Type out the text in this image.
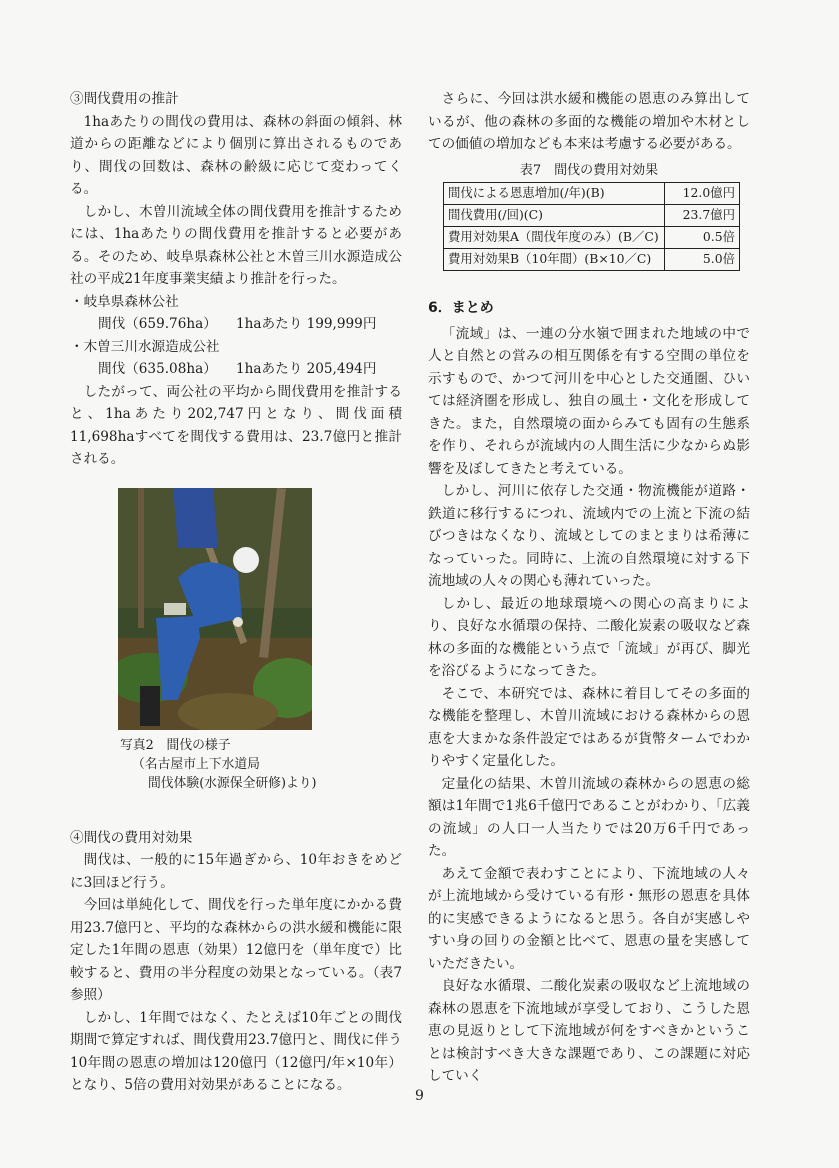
③間伐費用の推計

1haあたりの間伐の費用は、森林の斜面の傾斜、林道からの距離などにより個別に算出されるものであり、間伐の回数は、森林の齢級に応じて変わってくる。

しかし、木曽川流域全体の間伐費用を推計するためには、1haあたりの間伐費用を推計すると必要がある。そのため、岐阜県森林公社と木曽三川水源造成公社の平成21年度事業実績より推計を行った。

・岐阜県森林公社
間伐（659.76ha） 1haあたり 199,999円
・木曽三川水源造成公社
間伐（635.08ha） 1haあたり 205,494円

したがって、両公社の平均から間伐費用を推計すると、1haあたり202,747円となり、間伐面積11,698haすべてを間伐する費用は、23.7億円と推計される。

写真2　間伐の様子
（名古屋市上下水道局
間伐体験(水源保全研修)より)

④間伐の費用対効果

間伐は、一般的に15年過ぎから、10年おきをめどに3回ほど行う。

今回は単純化して、間伐を行った単年度にかかる費用23.7億円と、平均的な森林からの洪水緩和機能に限定した1年間の恩恵（効果）12億円を（単年度で）比較すると、費用の半分程度の効果となっている。（表7参照）

しかし、1年間ではなく、たとえば10年ごとの間伐期間で算定すれば、間伐費用23.7億円と、間伐に伴う10年間の恩恵の増加は120億円（12億円/年×10年）となり、5倍の費用対効果があることになる。

さらに、今回は洪水緩和機能の恩恵のみ算出しているが、他の森林の多面的な機能の増加や木材としての価値の増加なども本来は考慮する必要がある。

表7　間伐の費用対効果
間伐による恩恵増加(/年)(B)	12.0億円
間伐費用(/回)(C)	23.7億円
費用対効果A（間伐年度のみ）(B／C)	0.5倍
費用対効果B（10年間）(B×10／C)	5.0倍
6．まとめ

「流域」は、一連の分水嶺で囲まれた地域の中で人と自然との営みの相互関係を有する空間の単位を示すもので、かつて河川を中心とした交通圏、ひいては経済圏を形成し、独自の風土・文化を形成してきた。また，自然環境の面からみても固有の生態系を作り、それらが流域内の人間生活に少なからぬ影響を及ぼしてきたと考えている。

しかし、河川に依存した交通・物流機能が道路・鉄道に移行するにつれ、流域内での上流と下流の結びつきはなくなり、流域としてのまとまりは希薄になっていった。同時に、上流の自然環境に対する下流地域の人々の関心も薄れていった。

しかし、最近の地球環境への関心の高まりにより、良好な水循環の保持、二酸化炭素の吸収など森林の多面的な機能という点で「流域」が再び、脚光を浴びるようになってきた。

そこで、本研究では、森林に着目してその多面的な機能を整理し、木曽川流域における森林からの恩恵を大まかな条件設定ではあるが貨幣タームでわかりやすく定量化した。

定量化の結果、木曽川流域の森林からの恩恵の総額は1年間で1兆6千億円であることがわかり、「広義の流域」の人口一人当たりでは20万6千円であった。

あえて金額で表わすことにより、下流地域の人々が上流地域から受けている有形・無形の恩恵を具体的に実感できるようになると思う。各自が実感しやすい身の回りの金額と比べて、恩恵の量を実感していただきたい。

良好な水循環、二酸化炭素の吸収など上流地域の森林の恩恵を下流地域が享受しており、こうした恩恵の見返りとして下流地域が何をすべきかということは検討すべき大きな課題であり、この課題に対応していく

9
